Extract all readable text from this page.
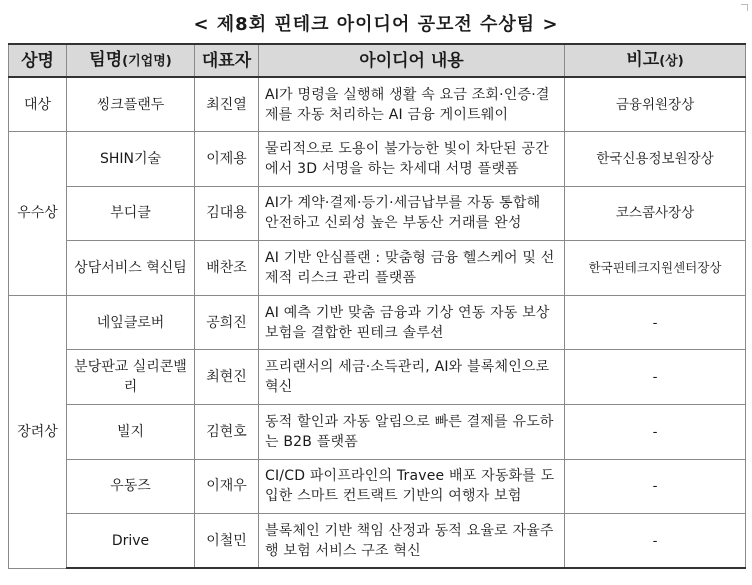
< 제8회 핀테크 아이디어 공모전 수상팀 >
상명	팀명(기업명)	대표자	아이디어 내용	비고(상)
대상	씽크플랜두	최진열	AI가 명령을 실행해 생활 속 요금 조회·인증·결제를 자동 처리하는 AI 금융 게이트웨이	금융위원장상
우수상	SHIN기술	이제용	물리적으로 도용이 불가능한 빛이 차단된 공간에서 3D 서명을 하는 차세대 서명 플랫폼	한국신용정보원장상
	부디클	김대용	AI가 계약·결제·등기·세금납부를 자동 통합해 안전하고 신뢰성 높은 부동산 거래를 완성	코스콤사장상
	상담서비스 혁신팀	배찬조	AI 기반 안심플랜 : 맞춤형 금융 헬스케어 및 선제적 리스크 관리 플랫폼	한국핀테크지원센터장상
장려상	네잎클로버	공희진	AI 예측 기반 맞춤 금융과 기상 연동 자동 보상 보험을 결합한 핀테크 솔루션	-
	분당판교 실리콘밸리	최현진	프리랜서의 세금·소득관리, AI와 블록체인으로 혁신	-
	빌지	김현호	동적 할인과 자동 알림으로 빠른 결제를 유도하는 B2B 플랫폼	-
	우동즈	이재우	CI/CD 파이프라인의 Travee 배포 자동화를 도입한 스마트 컨트랙트 기반의 여행자 보험	-
	Drive	이철민	블록체인 기반 책임 산정과 동적 요율로 자율주행 보험 서비스 구조 혁신	-
